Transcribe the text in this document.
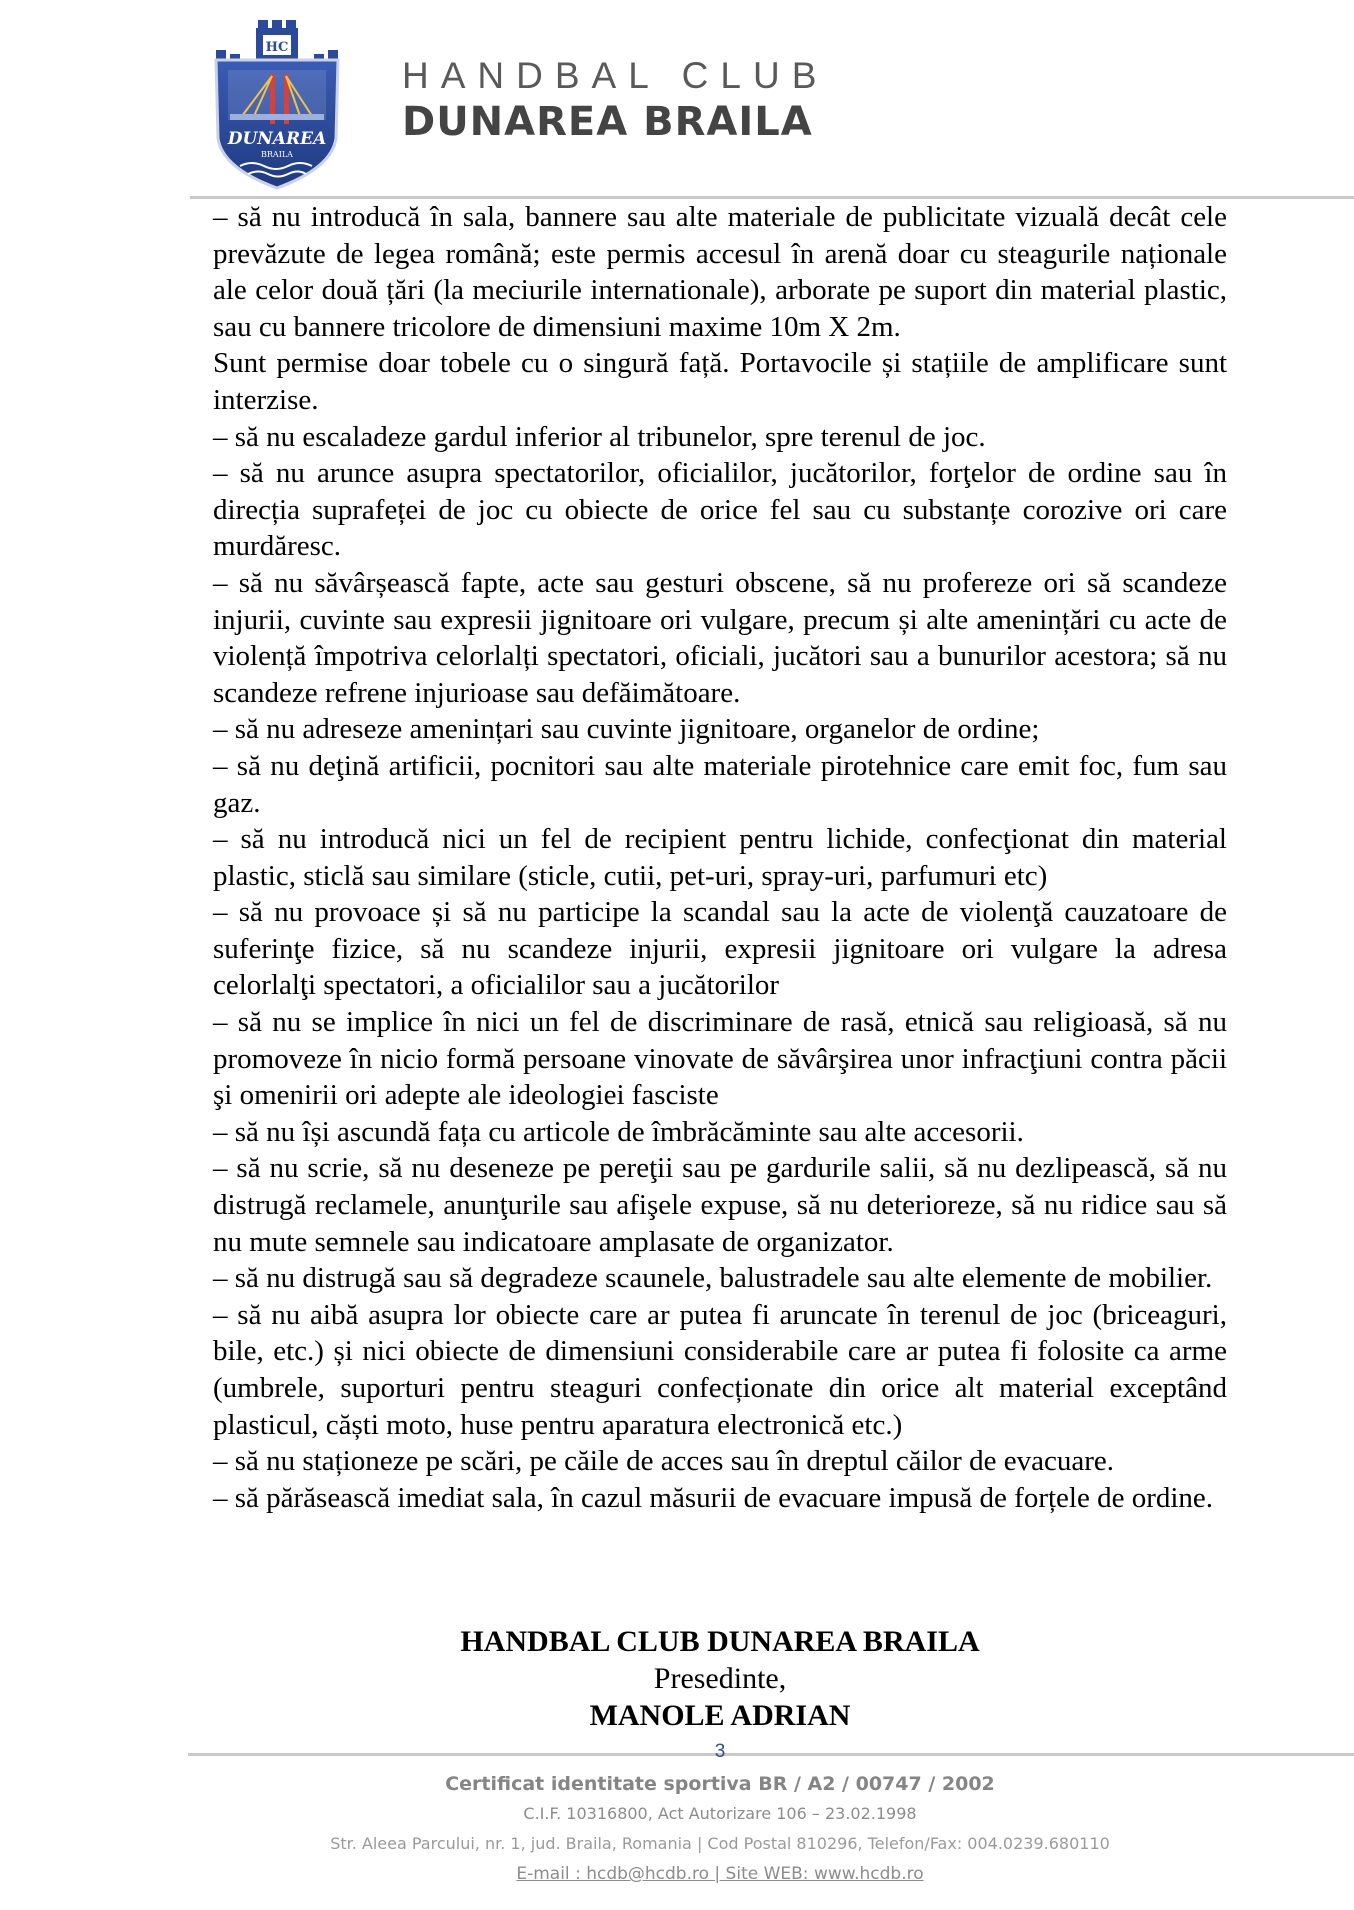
HC
DUNAREA
BRAILA
HANDBAL CLUB
DUNAREA BRAILA

– să nu introducă în sala, bannere sau alte materiale de publicitate vizuală decât cele prevăzute de legea română; este permis accesul în arenă doar cu steagurile naționale ale celor două țări (la meciurile internationale), arborate pe suport din material plastic, sau cu bannere tricolore de dimensiuni maxime 10m X 2m.

Sunt permise doar tobele cu o singură față. Portavocile și stațiile de amplificare sunt interzise.

– să nu escaladeze gardul inferior al tribunelor, spre terenul de joc.

– să nu arunce asupra spectatorilor, oficialilor, jucătorilor, forţelor de ordine sau în direcția suprafeței de joc cu obiecte de orice fel sau cu substanțe corozive ori care murdăresc.

– să nu săvârșească fapte, acte sau gesturi obscene, să nu profereze ori să scandeze injurii, cuvinte sau expresii jignitoare ori vulgare, precum și alte amenințări cu acte de violență împotriva celorlalți spectatori, oficiali, jucători sau a bunurilor acestora; să nu scandeze refrene injurioase sau defăimătoare.

– să nu adreseze amenințari sau cuvinte jignitoare, organelor de ordine;

– să nu deţină artificii, pocnitori sau alte materiale pirotehnice care emit foc, fum sau gaz.

– să nu introducă nici un fel de recipient pentru lichide, confecţionat din material plastic, sticlă sau similare (sticle, cutii, pet-uri, spray-uri, parfumuri etc)

– să nu provoace și să nu participe la scandal sau la acte de violenţă cauzatoare de suferinţe fizice, să nu scandeze injurii, expresii jignitoare ori vulgare la adresa celorlalţi spectatori, a oficialilor sau a jucătorilor

– să nu se implice în nici un fel de discriminare de rasă, etnică sau religioasă, să nu promoveze în nicio formă persoane vinovate de săvârşirea unor infracţiuni contra păcii şi omenirii ori adepte ale ideologiei fasciste

– să nu își ascundă fața cu articole de îmbrăcăminte sau alte accesorii.

– să nu scrie, să nu deseneze pe pereţii sau pe gardurile salii, să nu dezlipească, să nu distrugă reclamele, anunţurile sau afişele expuse, să nu deterioreze, să nu ridice sau să nu mute semnele sau indicatoare amplasate de organizator.

– să nu distrugă sau să degradeze scaunele, balustradele sau alte elemente de mobilier.

– să nu aibă asupra lor obiecte care ar putea fi aruncate în terenul de joc (briceaguri, bile, etc.) și nici obiecte de dimensiuni considerabile care ar putea fi folosite ca arme (umbrele, suporturi pentru steaguri confecționate din orice alt material exceptând plasticul, căști moto, huse pentru aparatura electronică etc.)

– să nu staționeze pe scări, pe căile de acces sau în dreptul căilor de evacuare.

– să părăsească imediat sala, în cazul măsurii de evacuare impusă de forțele de ordine.

HANDBAL CLUB DUNAREA BRAILA
Presedinte,
MANOLE ADRIAN
3
Certificat identitate sportiva BR / A2 / 00747 / 2002
C.I.F. 10316800, Act Autorizare 106 – 23.02.1998
Str. Aleea Parcului, nr. 1, jud. Braila, Romania | Cod Postal 810296, Telefon/Fax: 004.0239.680110
E-mail : hcdb@hcdb.ro | Site WEB: www.hcdb.ro
